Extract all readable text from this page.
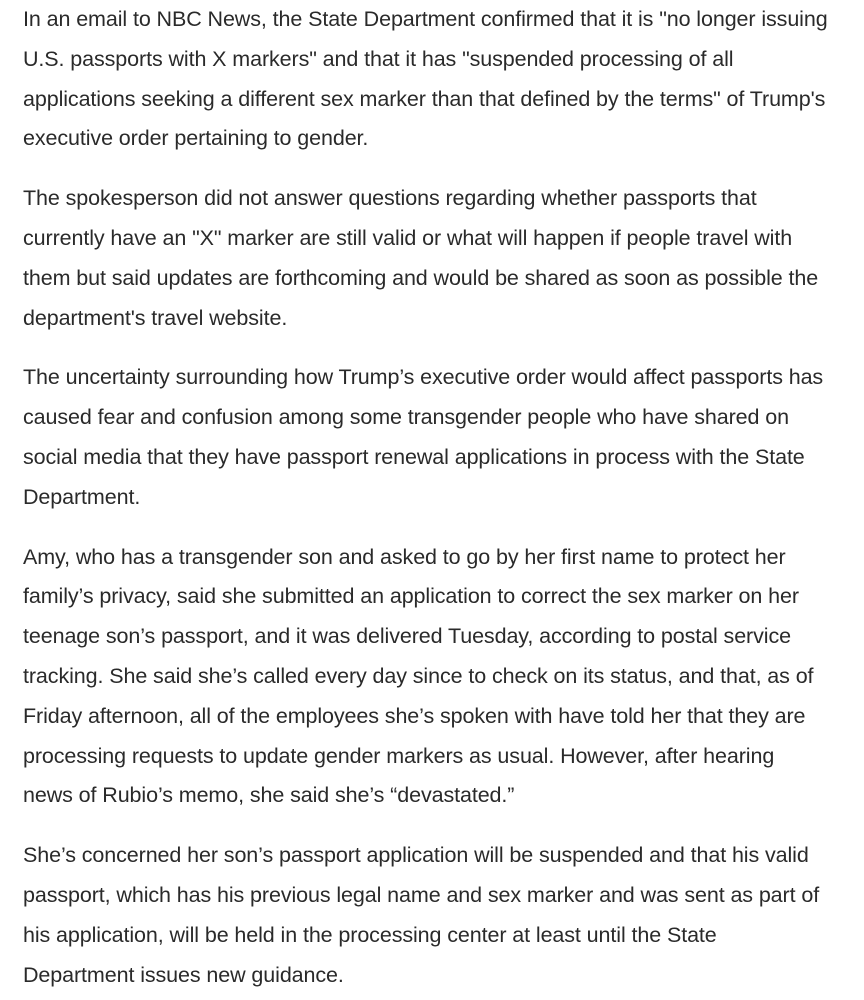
In an email to NBC News, the State Department confirmed that it is "no longer issuing U.S. passports with X markers" and that it has "suspended processing of all applications seeking a different sex marker than that defined by the terms" of Trump's executive order pertaining to gender.

The spokesperson did not answer questions regarding whether passports that currently have an "X" marker are still valid or what will happen if people travel with them but said updates are forthcoming and would be shared as soon as possible the department's travel website.

The uncertainty surrounding how Trump’s executive order would affect passports has caused fear and confusion among some transgender people who have shared on social media that they have passport renewal applications in process with the State Department.

Amy, who has a transgender son and asked to go by her first name to protect her family’s privacy, said she submitted an application to correct the sex marker on her teenage son’s passport, and it was delivered Tuesday, according to postal service tracking. She said she’s called every day since to check on its status, and that, as of Friday afternoon, all of the employees she’s spoken with have told her that they are processing requests to update gender markers as usual. However, after hearing news of Rubio’s memo, she said she’s “devastated.”

She’s concerned her son’s passport application will be suspended and that his valid passport, which has his previous legal name and sex marker and was sent as part of his application, will be held in the processing center at least until the State Department issues new guidance.
